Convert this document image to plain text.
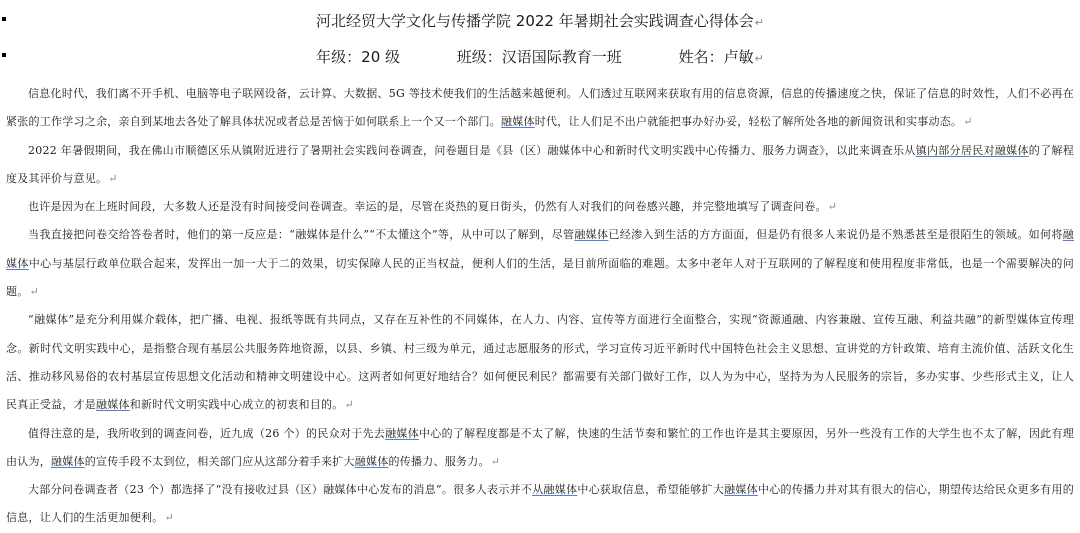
河北经贸大学文化与传播学院 2022 年暑期社会实践调查心得体会↵
年级：20 级	班级：汉语国际教育一班	姓名：卢敏↵

信息化时代，我们离不开手机、电脑等电子联网设备，云计算、大数据、5G 等技术使我们的生活越来越便利。人们透过互联网来获取有用的信息资源，信息的传播速度之快，保证了信息的时效性，人们不必再在紧张的工作学习之余，亲自到某地去各处了解具体状况或者总是苦恼于如何联系上一个又一个部门。融媒体时代，让人们足不出户就能把事办好办妥，轻松了解所处各地的新闻资讯和实事动态。↵

2022 年暑假期间，我在佛山市顺德区乐从镇附近进行了暑期社会实践问卷调查，问卷题目是《县（区）融媒体中心和新时代文明实践中心传播力、服务力调查》，以此来调查乐从镇内部分居民对融媒体的了解程度及其评价与意见。↵

也许是因为在上班时间段，大多数人还是没有时间接受问卷调查。幸运的是，尽管在炎热的夏日街头，仍然有人对我们的问卷感兴趣，并完整地填写了调查问卷。↵

当我直接把问卷交给答卷者时，他们的第一反应是：“融媒体是什么”“不太懂这个”等，从中可以了解到，尽管融媒体已经渗入到生活的方方面面，但是仍有很多人来说仍是不熟悉甚至是很陌生的领域。如何将融媒体中心与基层行政单位联合起来，发挥出一加一大于二的效果，切实保障人民的正当权益，便利人们的生活，是目前所面临的难题。太多中老年人对于互联网的了解程度和使用程度非常低，也是一个需要解决的问题。↵

“融媒体”是充分利用媒介载体，把广播、电视、报纸等既有共同点，又存在互补性的不同媒体，在人力、内容、宣传等方面进行全面整合，实现“资源通融、内容兼融、宣传互融、利益共融”的新型媒体宣传理念。新时代文明实践中心，是指整合现有基层公共服务阵地资源，以县、乡镇、村三级为单元，通过志愿服务的形式，学习宣传习近平新时代中国特色社会主义思想、宣讲党的方针政策、培育主流价值、活跃文化生活、推动移风易俗的农村基层宣传思想文化活动和精神文明建设中心。这两者如何更好地结合？如何便民利民？都需要有关部门做好工作，以人为为中心，坚持为为人民服务的宗旨，多办实事、少些形式主义，让人民真正受益，才是融媒体和新时代文明实践中心成立的初衷和目的。↵

值得注意的是，我所收到的调查问卷，近九成（26 个）的民众对于先去融媒体中心的了解程度都是不太了解，快速的生活节奏和繁忙的工作也许是其主要原因，另外一些没有工作的大学生也不太了解，因此有理由认为，融媒体的宣传手段不太到位，相关部门应从这部分着手来扩大融媒体的传播力、服务力。↵

大部分问卷调查者（23 个）都选择了“没有接收过县（区）融媒体中心发布的消息”。很多人表示并不从融媒体中心获取信息，希望能够扩大融媒体中心的传播力并对其有很大的信心，期望传达给民众更多有用的信息，让人们的生活更加便利。↵
